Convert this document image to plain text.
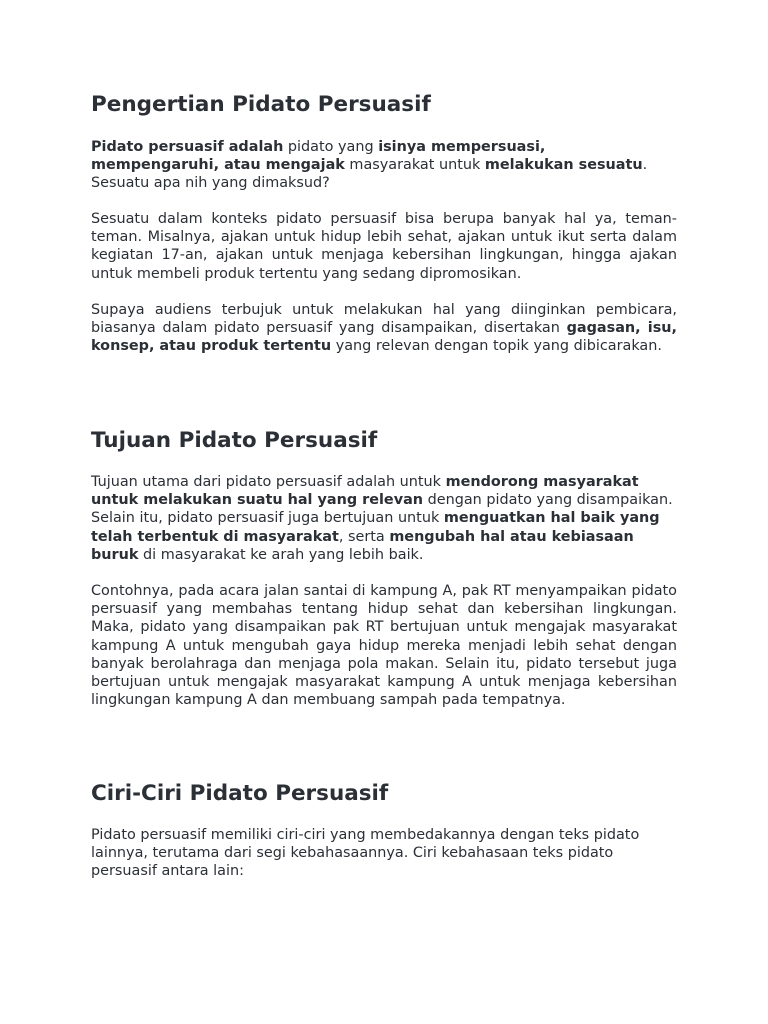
Pengertian Pidato Persuasif

Pidato persuasif adalah pidato yang isinya mempersuasi, mempengaruhi, atau mengajak masyarakat untuk melakukan sesuatu. Sesuatu apa nih yang dimaksud?

Sesuatu dalam konteks pidato persuasif bisa berupa banyak hal ya, teman-teman. Misalnya, ajakan untuk hidup lebih sehat, ajakan untuk ikut serta dalam kegiatan 17-an, ajakan untuk menjaga kebersihan lingkungan, hingga ajakan untuk membeli produk tertentu yang sedang dipromosikan.

Supaya audiens terbujuk untuk melakukan hal yang diinginkan pembicara, biasanya dalam pidato persuasif yang disampaikan, disertakan gagasan, isu, konsep, atau produk tertentu yang relevan dengan topik yang dibicarakan.

Tujuan Pidato Persuasif

Tujuan utama dari pidato persuasif adalah untuk mendorong masyarakat untuk melakukan suatu hal yang relevan dengan pidato yang disampaikan. Selain itu, pidato persuasif juga bertujuan untuk menguatkan hal baik yang telah terbentuk di masyarakat, serta mengubah hal atau kebiasaan buruk di masyarakat ke arah yang lebih baik.

Contohnya, pada acara jalan santai di kampung A, pak RT menyampaikan pidato persuasif yang membahas tentang hidup sehat dan kebersihan lingkungan. Maka, pidato yang disampaikan pak RT bertujuan untuk mengajak masyarakat kampung A untuk mengubah gaya hidup mereka menjadi lebih sehat dengan banyak berolahraga dan menjaga pola makan. Selain itu, pidato tersebut juga bertujuan untuk mengajak masyarakat kampung A untuk menjaga kebersihan lingkungan kampung A dan membuang sampah pada tempatnya.

Ciri-Ciri Pidato Persuasif

Pidato persuasif memiliki ciri-ciri yang membedakannya dengan teks pidato lainnya, terutama dari segi kebahasaannya. Ciri kebahasaan teks pidato persuasif antara lain:
